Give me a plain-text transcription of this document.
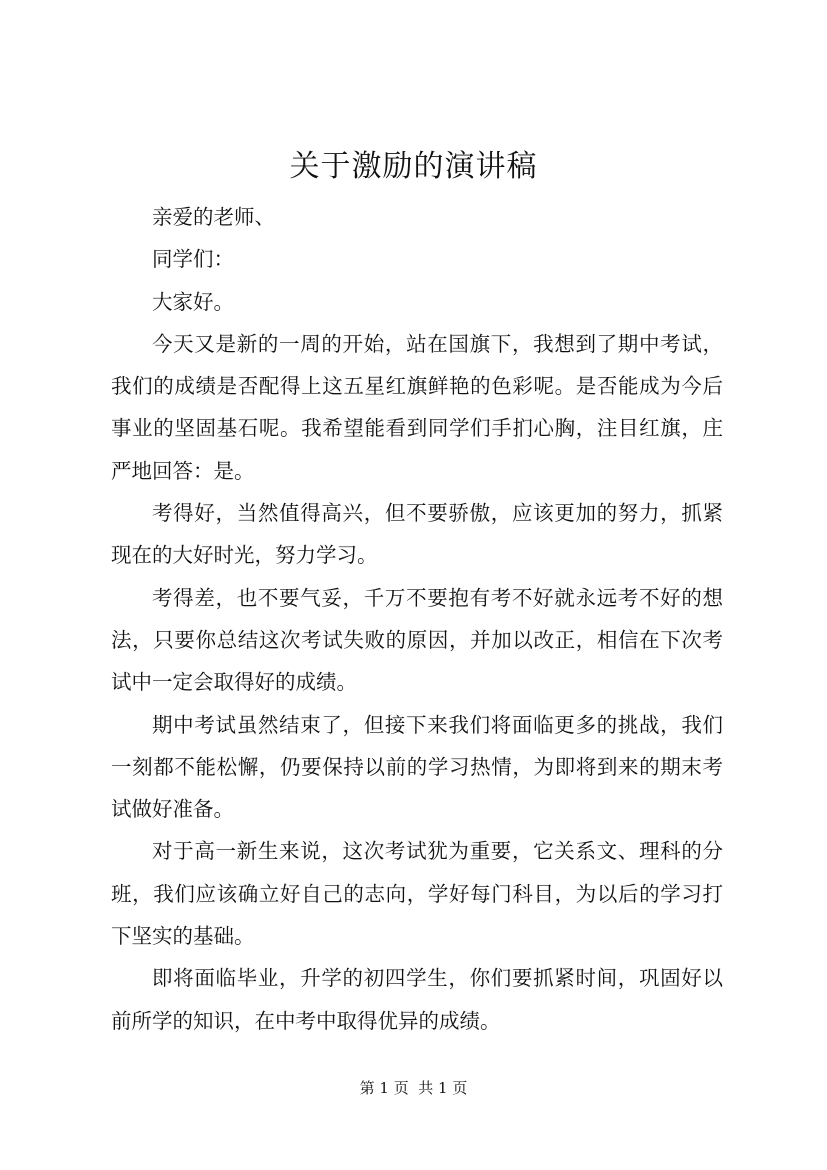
关于激励的演讲稿

亲爱的老师、

同学们：

大家好。

今天又是新的一周的开始，站在国旗下，我想到了期中考试，我们的成绩是否配得上这五星红旗鲜艳的色彩呢。是否能成为今后事业的坚固基石呢。我希望能看到同学们手扪心胸，注目红旗，庄严地回答：是。

考得好，当然值得高兴，但不要骄傲，应该更加的努力，抓紧现在的大好时光，努力学习。

考得差，也不要气妥，千万不要抱有考不好就永远考不好的想法，只要你总结这次考试失败的原因，并加以改正，相信在下次考试中一定会取得好的成绩。

期中考试虽然结束了，但接下来我们将面临更多的挑战，我们一刻都不能松懈，仍要保持以前的学习热情，为即将到来的期末考试做好准备。

对于高一新生来说，这次考试犹为重要，它关系文、理科的分班，我们应该确立好自己的志向，学好每门科目，为以后的学习打下坚实的基础。

即将面临毕业，升学的初四学生，你们要抓紧时间，巩固好以前所学的知识，在中考中取得优异的成绩。

第 1 页  共 1 页
